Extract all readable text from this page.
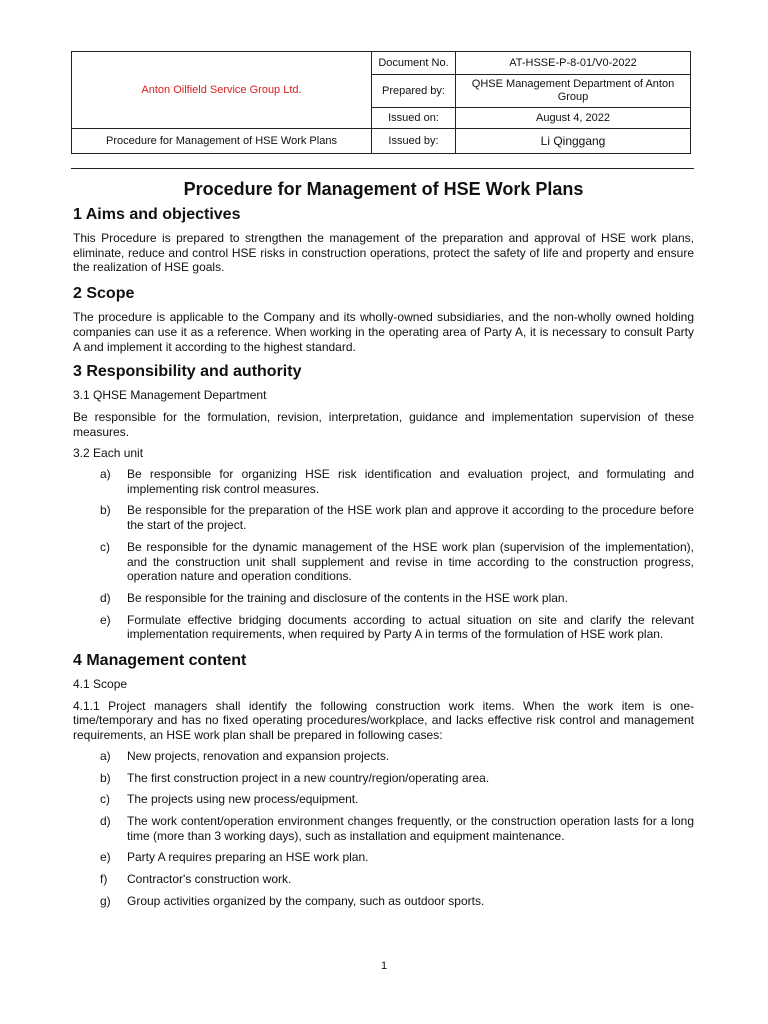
Anton Oilfield Service Group Ltd.	Document No.	AT-HSSE-P-8-01/V0-2022
	Prepared by:	QHSE Management Department of Anton Group
	Issued on:	August 4, 2022
Procedure for Management of HSE Work Plans	Issued by:	Li Qinggang
Procedure for Management of HSE Work Plans
1 Aims and objectives

This Procedure is prepared to strengthen the management of the preparation and approval of HSE work plans, eliminate, reduce and control HSE risks in construction operations, protect the safety of life and property and ensure the realization of HSE goals.

2 Scope

The procedure is applicable to the Company and its wholly-owned subsidiaries, and the non-wholly owned holding companies can use it as a reference. When working in the operating area of Party A, it is necessary to consult Party A and implement it according to the highest standard.

3 Responsibility and authority
3.1 QHSE Management Department

Be responsible for the formulation, revision, interpretation, guidance and implementation supervision of these measures.

3.2 Each unit
a)	Be responsible for organizing HSE risk identification and evaluation project, and formulating and implementing risk control measures.
b)	Be responsible for the preparation of the HSE work plan and approve it according to the procedure before the start of the project.
c)	Be responsible for the dynamic management of the HSE work plan (supervision of the implementation), and the construction unit shall supplement and revise in time according to the construction progress, operation nature and operation conditions.
d)	Be responsible for the training and disclosure of the contents in the HSE work plan.
e)	Formulate effective bridging documents according to actual situation on site and clarify the relevant implementation requirements, when required by Party A in terms of the formulation of HSE work plan.
4 Management content
4.1 Scope

4.1.1 Project managers shall identify the following construction work items. When the work item is one-time/temporary and has no fixed operating procedures/workplace, and lacks effective risk control and management requirements, an HSE work plan shall be prepared in following cases:

a)	New projects, renovation and expansion projects.
b)	The first construction project in a new country/region/operating area.
c)	The projects using new process/equipment.
d)	The work content/operation environment changes frequently, or the construction operation lasts for a long time (more than 3 working days), such as installation and equipment maintenance.
e)	Party A requires preparing an HSE work plan.
f)	Contractor's construction work.
g)	Group activities organized by the company, such as outdoor sports.
1
